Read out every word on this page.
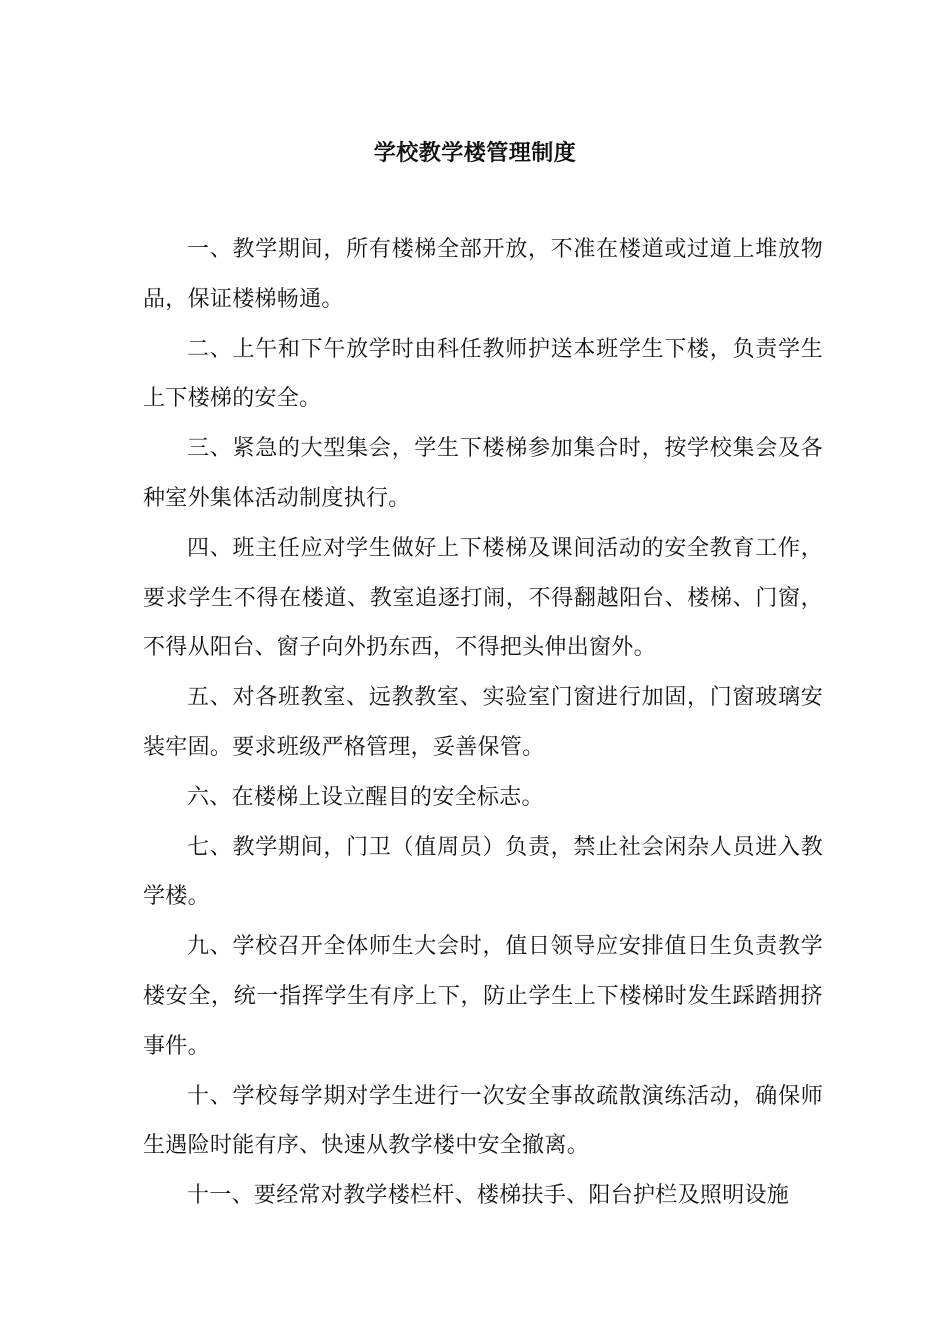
学校教学楼管理制度

一、教学期间，所有楼梯全部开放，不准在楼道或过道上堆放物品，保证楼梯畅通。

二、上午和下午放学时由科任教师护送本班学生下楼，负责学生上下楼梯的安全。

三、紧急的大型集会，学生下楼梯参加集合时，按学校集会及各种室外集体活动制度执行。

四、班主任应对学生做好上下楼梯及课间活动的安全教育工作，要求学生不得在楼道、教室追逐打闹，不得翻越阳台、楼梯、门窗，不得从阳台、窗子向外扔东西，不得把头伸出窗外。

五、对各班教室、远教教室、实验室门窗进行加固，门窗玻璃安装牢固。要求班级严格管理，妥善保管。

六、在楼梯上设立醒目的安全标志。

七、教学期间，门卫（值周员）负责，禁止社会闲杂人员进入教学楼。

九、学校召开全体师生大会时，值日领导应安排值日生负责教学楼安全，统一指挥学生有序上下，防止学生上下楼梯时发生踩踏拥挤事件。

十、学校每学期对学生进行一次安全事故疏散演练活动，确保师生遇险时能有序、快速从教学楼中安全撤离。

十一、要经常对教学楼栏杆、楼梯扶手、阳台护栏及照明设施
